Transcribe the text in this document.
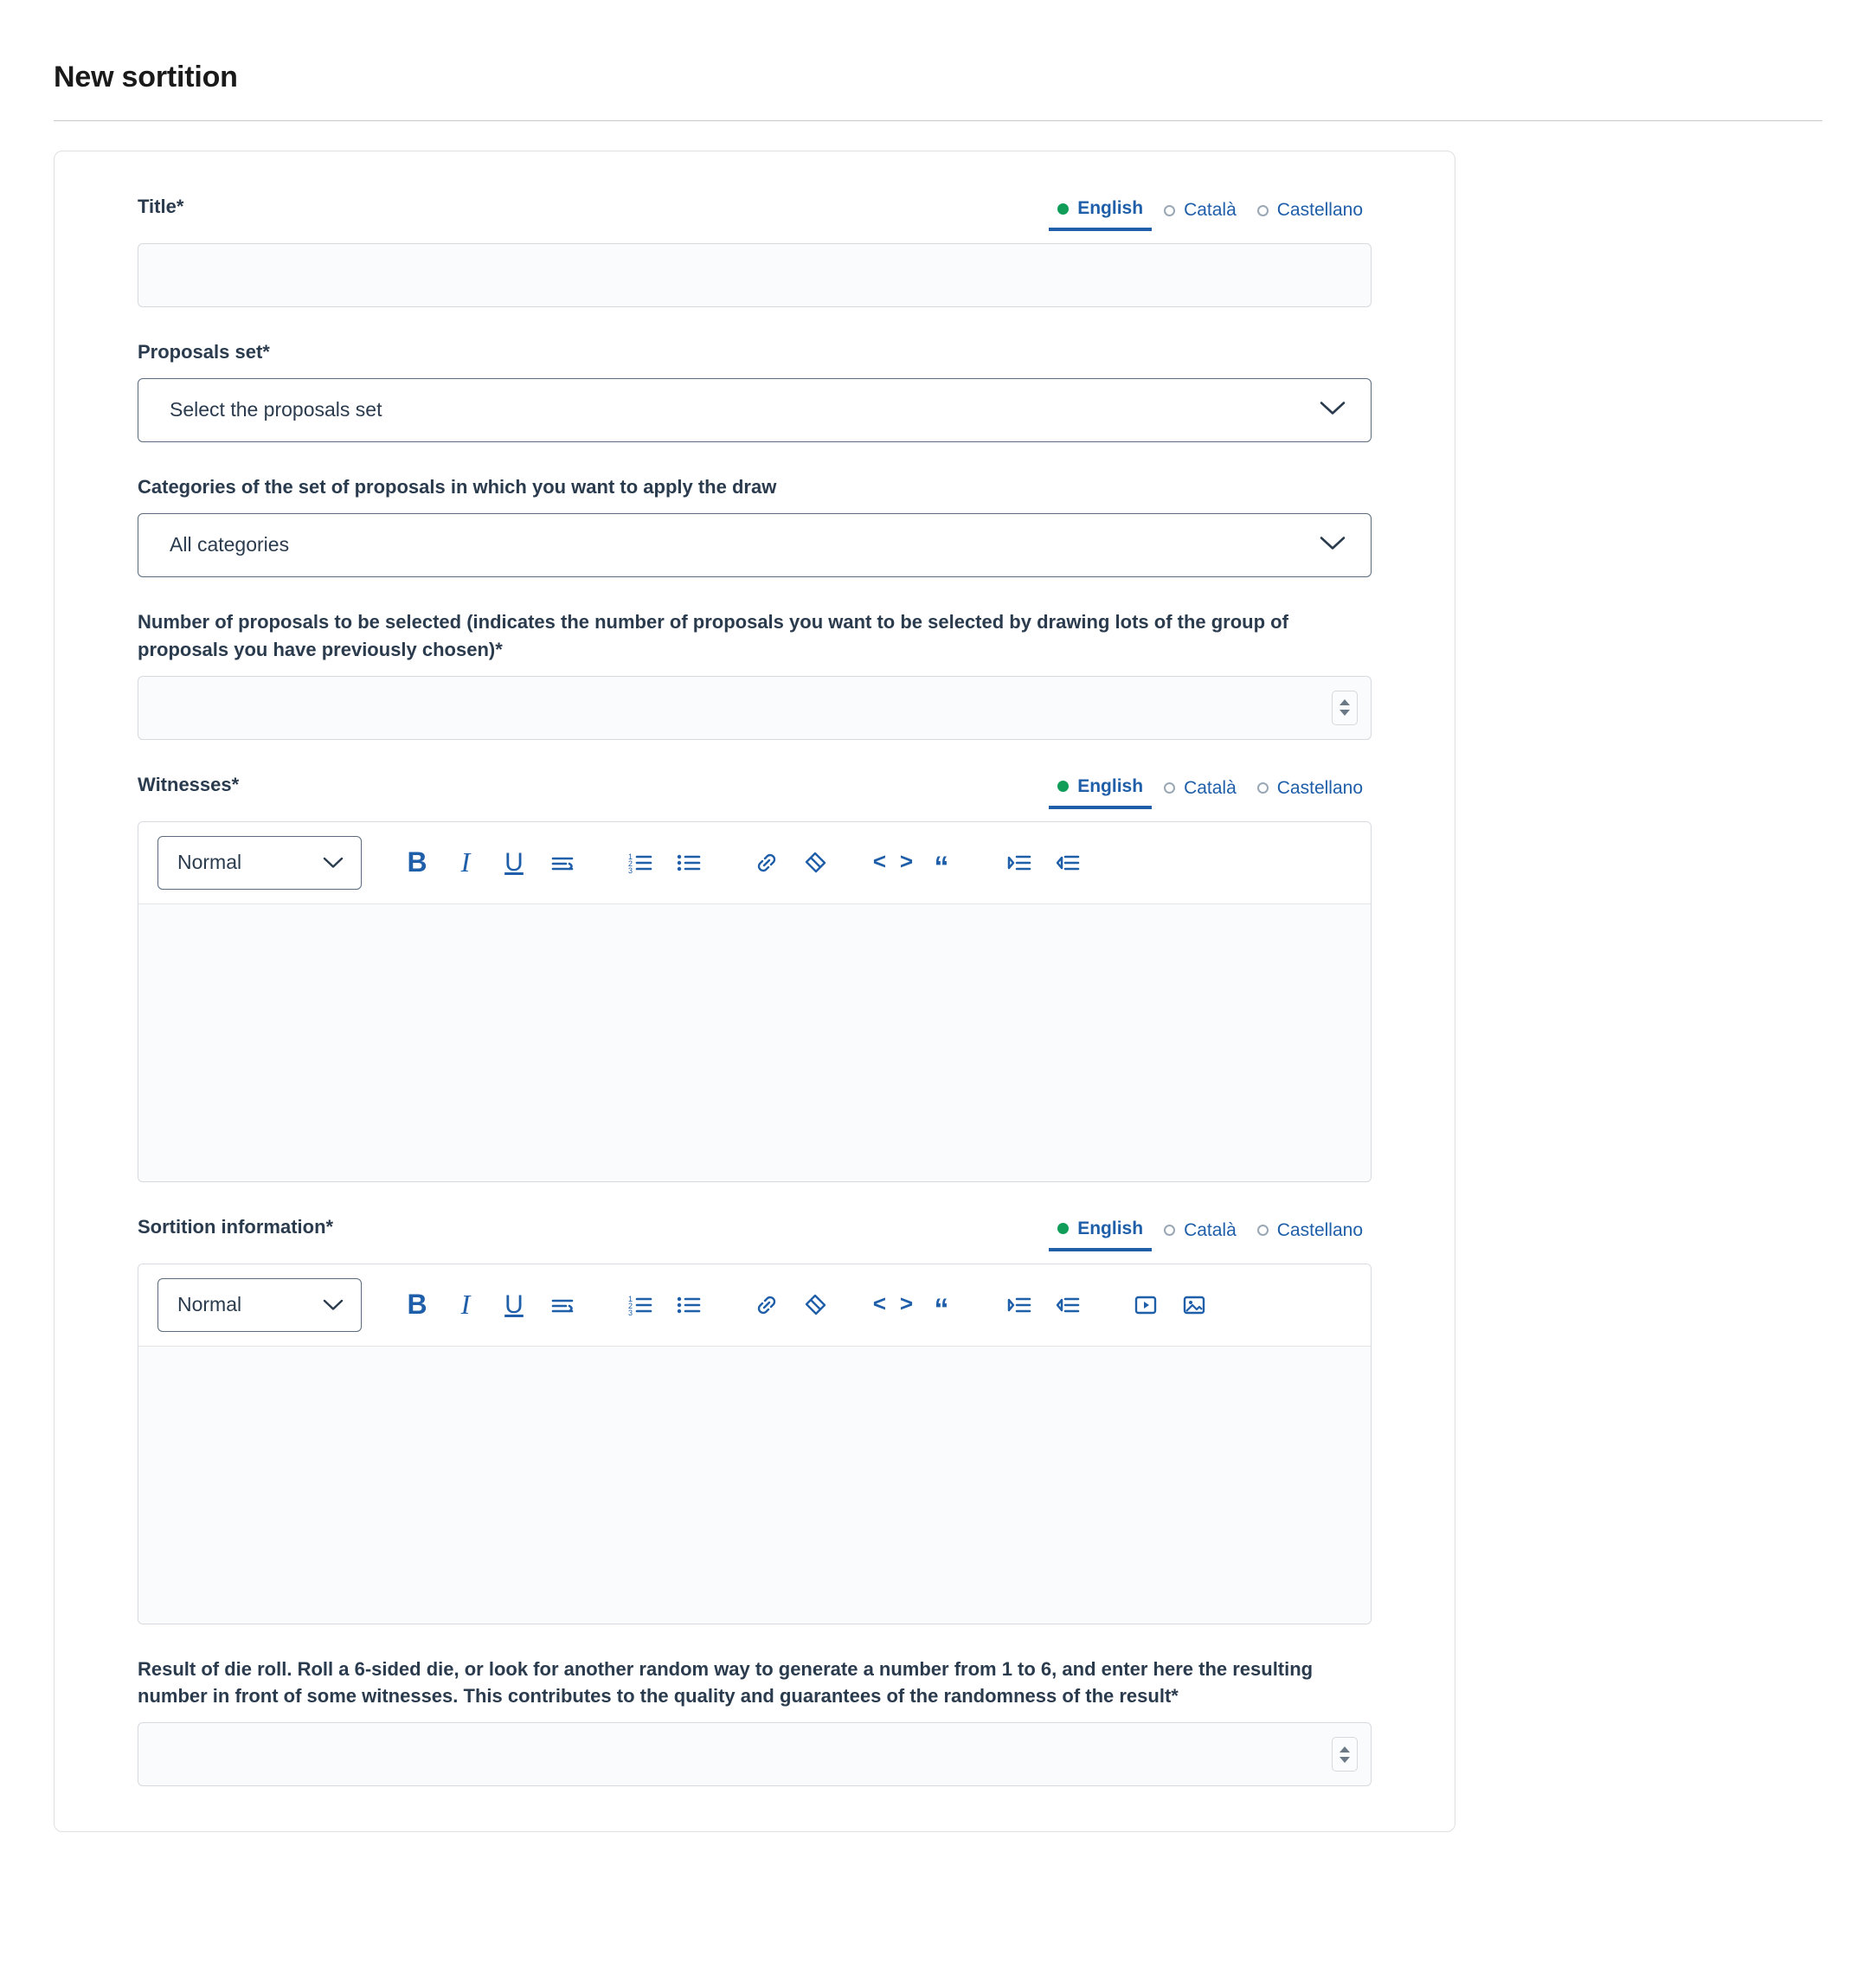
New sortition
Title*	English Català Castellano
Proposals set*
Select the proposals set
Categories of the set of proposals in which you want to apply the draw
All categories
Number of proposals to be selected (indicates the number of proposals you want to be selected by drawing lots of the group of proposals you have previously chosen)*
Witnesses*	English Català Castellano
Normal	B	I	U	1
2
3	< > “
Sortition information*	English Català Castellano
Normal	B	I	U	1
2
3	< > “
Result of die roll. Roll a 6-sided die, or look for another random way to generate a number from 1 to 6, and enter here the resulting number in front of some witnesses. This contributes to the quality and guarantees of the randomness of the result*
